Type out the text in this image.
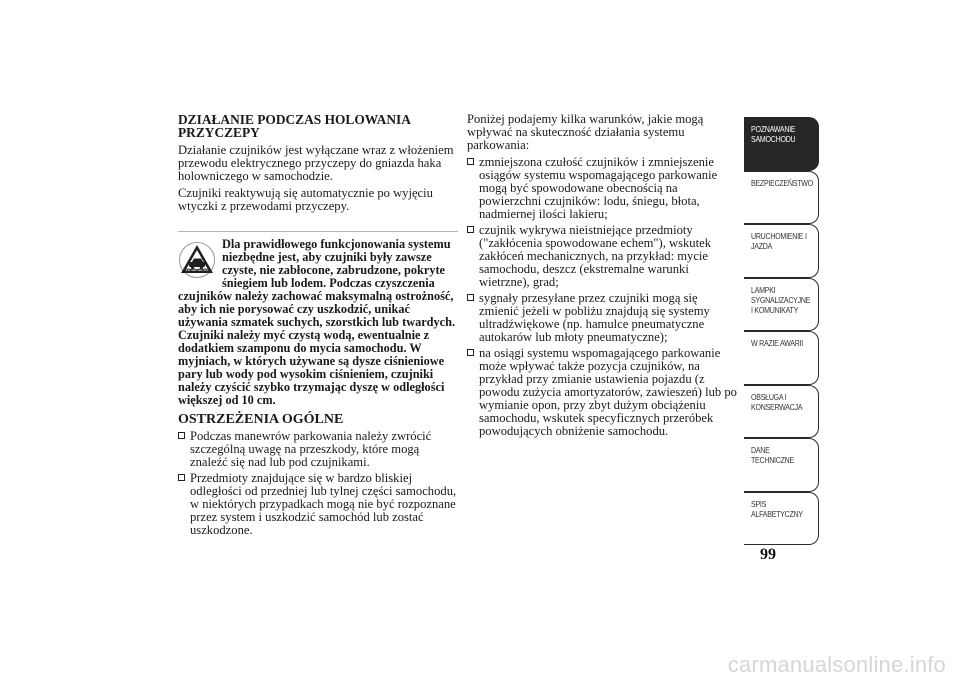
DZIAŁANIE PODCZAS HOLOWANIA PRZYCZEPY

Działanie czujników jest wyłączane wraz z włożeniem przewodu elektrycznego przyczepy do gniazda haka holowniczego w samochodzie.

Czujniki reaktywują się automatycznie po wyjęciu wtyczki z przewodami przyczepy.

Dla prawidłowego funkcjonowania systemu niezbędne jest, aby czujniki były zawsze czyste, nie zabłocone, zabrudzone, pokryte śniegiem lub lodem. Podczas czyszczenia czujników należy zachować maksymalną ostrożność, aby ich nie porysować czy uszkodzić, unikać używania szmatek suchych, szorstkich lub twardych. Czujniki należy myć czystą wodą, ewentualnie z dodatkiem szamponu do mycia samochodu. W myjniach, w których używane są dysze ciśnieniowe pary lub wody pod wysokim ciśnieniem, czujniki należy czyścić szybko trzymając dyszę w odległości większej od 10 cm.

OSTRZEŻENIA OGÓLNE
Podczas manewrów parkowania należy zwrócić szczególną uwagę na przeszkody, które mogą znaleźć się nad lub pod czujnikami.
Przedmioty znajdujące się w bardzo bliskiej odległości od przedniej lub tylnej części samochodu, w niektórych przypadkach mogą nie być rozpoznane przez system i uszkodzić samochód lub zostać uszkodzone.

Poniżej podajemy kilka warunków, jakie mogą wpływać na skuteczność działania systemu parkowania:

zmniejszona czułość czujników i zmniejszenie osiągów systemu wspomagającego parkowanie mogą być spowodowane obecnością na powierzchni czujników: lodu, śniegu, błota, nadmiernej ilości lakieru;
czujnik wykrywa nieistniejące przedmioty ("zakłócenia spowodowane echem"), wskutek zakłóceń mechanicznych, na przykład: mycie samochodu, deszcz (ekstremalne warunki wietrzne), grad;
sygnały przesyłane przez czujniki mogą się zmienić jeżeli w pobliżu znajdują się systemy ultradźwiękowe (np. hamulce pneumatyczne autokarów lub młoty pneumatyczne);
na osiągi systemu wspomagającego parkowanie może wpływać także pozycja czujników, na przykład przy zmianie ustawienia pojazdu (z powodu zużycia amortyzatorów, zawieszeń) lub po wymianie opon, przy zbyt dużym obciążeniu samochodu, wskutek specyficznych przeróbek powodujących obniżenie samochodu.
POZNAWANIE
SAMOCHODU
BEZPIECZEŃSTWO
URUCHOMIENIE I
JAZDA
LAMPKI
SYGNALIZACYJNE
I KOMUNIKATY
W RAZIE AWARII
OBSŁUGA I
KONSERWACJA
DANE
TECHNICZNE
SPIS
ALFABETYCZNY
99
carmanualsonline.info
